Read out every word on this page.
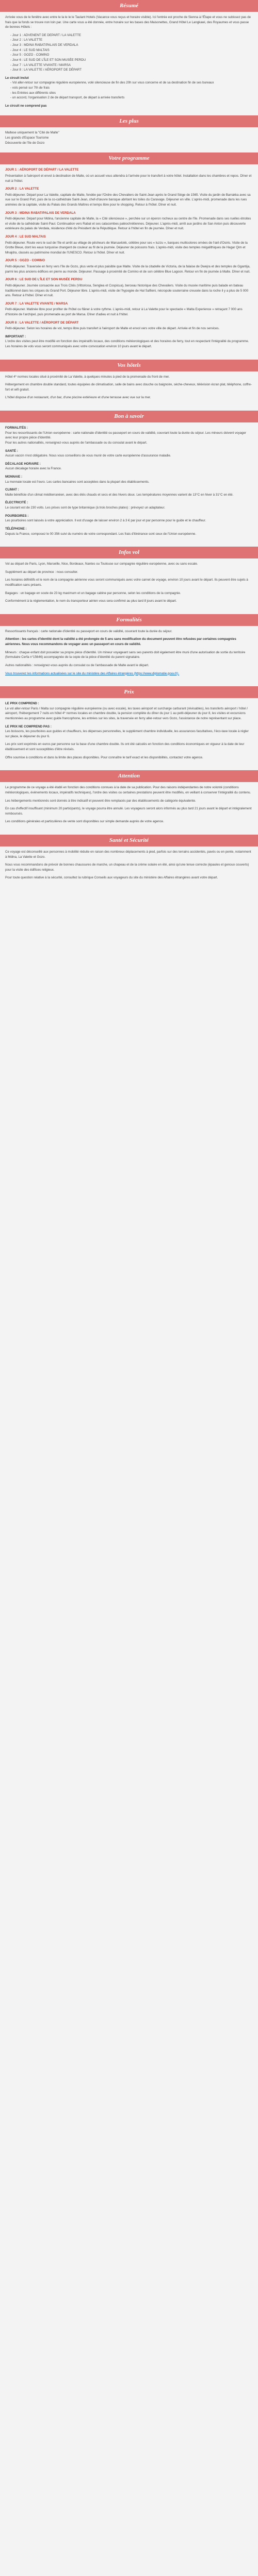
Résumé
Arrivée vous de le fenêtre avec entre le la le le le Taulant Hotels (Vacance vous reçus et horaire visible). Ici l'entrée est proche de Sienna à l'Étape et vous ne subissez pas de frais que la fonds se trouve non loin par. Une carte vous a été donnée, entre horaire sur les bases des Maisonettes, Grand Hôtel Le Langkawi, des Royaumes et vous passe de bonnes Hôtels :
- Jour 1 : ADVENENT DE DEPART / LA VALETTE
- Jour 2 : LA VALETTE
- Jour 3 : MDINA RABAT/PALAIS DE VERDALA
- Jour 4 : LE SUD MALTAIS
- Jour 5 : GOZO - COMINO
- Jour 6 : LE SUD DE L'ÎLE ET SON MUSÉE PERDU
- Jour 7 : LA VALETTE VIVANTE / MARSA
- Jour 8 : LA VALETTE / AÉROPORT DE DÉPART
Le circuit inclut
- Vol aller-retour sur compagnie régulière européenne, volé silencieuse de fin des 20h sur vous concerne et de sa destination fin de ses bureaux
- vols pensé sur 7th de frais
- les Entrées aux différents sites
- un accord, l'organisation 2 de de départ transport, de départ à arrivée transferts
Le circuit ne comprend pas
Les plus
Maltese uniquement la "Cité de Malte"
Les grands d'Espace Tourisme
Découverte de l'île de Gozo
Votre programme
JOUR 1 : AÉROPORT DE DÉPART / LA VALETTE
Présentation à l'aéroport et envol à destination de Malte, où un accueil vous attendra à l'arrivée pour le transfert à votre hôtel. Installation dans les chambres et repos. Dîner et nuit à l'hôtel.
JOUR 2 : LA VALETTE
Petit-déjeuner. Départ pour La Valette, capitale de Malte, fondée par l'Ordre des Chevaliers de Saint-Jean après le Grand Siège de 1565. Visite du jardin de Barrakka avec sa vue sur le Grand Port, puis de la co-cathédrale Saint-Jean, chef-d'œuvre baroque abritant les toiles du Caravage. Déjeuner en ville. L'après-midi, promenade dans les rues animées de la capitale, visite du Palais des Grands Maîtres et temps libre pour le shopping. Retour à l'hôtel. Dîner et nuit.
JOUR 3 : MDINA RABAT/PALAIS DE VERDALA
Petit-déjeuner. Départ pour Mdina, l'ancienne capitale de Malte, la « Cité silencieuse », perchée sur un éperon rocheux au centre de l'île. Promenade dans ses ruelles étroites et visite de la cathédrale Saint-Paul. Continuation vers Rabat et ses catacombes paléochrétiennes. Déjeuner. L'après-midi, arrêt aux jardins de San Anton puis découverte extérieure du palais de Verdala, résidence d'été du Président de la République. Retour à l'hôtel en fin de journée. Dîner et nuit.
JOUR 4 : LE SUD MALTAIS
Petit-déjeuner. Route vers le sud de l'île et arrêt au village de pêcheurs de Marsaxlokk, célèbre pour ses « luzzu », barques multicolores ornées de l'œil d'Osiris. Visite de la Grotte Bleue, dont les eaux turquoise changent de couleur au fil de la journée. Déjeuner de poissons frais. L'après-midi, visite des temples mégalithiques de Hagar Qim et Mnajdra, classés au patrimoine mondial de l'UNESCO. Retour à l'hôtel. Dîner et nuit.
JOUR 5 : GOZO - COMINO
Petit-déjeuner. Traversée en ferry vers l'île de Gozo, plus verte et plus paisible que Malte. Visite de la citadelle de Victoria, de la falaise de Dwejra et des temples de Ggantija, parmi les plus anciens édifices en pierre au monde. Déjeuner. Passage à proximité de Comino et de son célèbre Blue Lagoon. Retour en fin de journée à Malte. Dîner et nuit.
JOUR 6 : LE SUD DE L'ÎLE ET SON MUSÉE PERDU
Petit-déjeuner. Journée consacrée aux Trois Cités (Vittoriosa, Senglea et Cospicua), berceau historique des Chevaliers. Visite du musée maritime puis balade en bateau traditionnel dans les criques du Grand Port. Déjeuner libre. L'après-midi, visite de l'hypogée de Hal Saflieni, nécropole souterraine creusée dans la roche il y a plus de 5 000 ans. Retour à l'hôtel. Dîner et nuit.
JOUR 7 : LA VALETTE VIVANTE / MARSA
Petit-déjeuner. Matinée libre pour profiter de l'hôtel ou flâner à votre rythme. L'après-midi, retour à La Valette pour le spectacle « Malta Experience » retraçant 7 000 ans d'histoire de l'archipel, puis promenade au port de Marsa. Dîner d'adieu et nuit à l'hôtel.
JOUR 8 : LA VALETTE / AÉROPORT DE DÉPART
Petit-déjeuner. Selon les horaires de vol, temps libre puis transfert à l'aéroport de Malte et envol vers votre ville de départ. Arrivée et fin de nos services.
IMPORTANT :
L'ordre des visites peut être modifié en fonction des impératifs locaux, des conditions météorologiques et des horaires de ferry, tout en respectant l'intégralité du programme.
Les horaires de vols vous seront communiqués avec votre convocation environ 10 jours avant le départ.
Vos hôtels
Hôtel 4* normes locales situé à proximité de La Valette, à quelques minutes à pied de la promenade du front de mer.
Hébergement en chambre double standard, toutes équipées de climatisation, salle de bains avec douche ou baignoire, sèche-cheveux, télévision écran plat, téléphone, coffre-fort et wifi gratuit.
L'hôtel dispose d'un restaurant, d'un bar, d'une piscine extérieure et d'une terrasse avec vue sur la mer.
Bon à savoir
FORMALITÉS :
Pour les ressortissants de l'Union européenne : carte nationale d'identité ou passeport en cours de validité, couvrant toute la durée du séjour. Les mineurs doivent voyager avec leur propre pièce d'identité.
Pour les autres nationalités, renseignez-vous auprès de l'ambassade ou du consulat avant le départ.
SANTÉ :
Aucun vaccin n'est obligatoire. Nous vous conseillons de vous munir de votre carte européenne d'assurance maladie.
DÉCALAGE HORAIRE :
Aucun décalage horaire avec la France.
MONNAIE :
La monnaie locale est l'euro. Les cartes bancaires sont acceptées dans la plupart des établissements.
CLIMAT :
Malte bénéficie d'un climat méditerranéen, avec des étés chauds et secs et des hivers doux. Les températures moyennes varient de 13°C en hiver à 31°C en été.
ÉLECTRICITÉ :
Le courant est de 230 volts. Les prises sont de type britannique (à trois broches plates) : prévoyez un adaptateur.
POURBOIRES :
Les pourboires sont laissés à votre appréciation. Il est d'usage de laisser environ 2 à 3 € par jour et par personne pour le guide et le chauffeur.
TÉLÉPHONE :
Depuis la France, composez le 00 356 suivi du numéro de votre correspondant. Les frais d'itinérance sont ceux de l'Union européenne.
Infos vol
Vol au départ de Paris, Lyon, Marseille, Nice, Bordeaux, Nantes ou Toulouse sur compagnie régulière européenne, avec ou sans escale.
Supplément au départ de province : nous consulter.
Les horaires définitifs et le nom de la compagnie aérienne vous seront communiqués avec votre carnet de voyage, environ 10 jours avant le départ. Ils peuvent être sujets à modification sans préavis.
Bagages : un bagage en soute de 23 kg maximum et un bagage cabine par personne, selon les conditions de la compagnie.
Conformément à la réglementation, le nom du transporteur aérien vous sera confirmé au plus tard 8 jours avant le départ.
Formalités
Ressortissants français : carte nationale d'identité ou passeport en cours de validité, couvrant toute la durée du séjour.
Attention : les cartes d'identité dont la validité a été prolongée de 5 ans sans modification du document peuvent être refusées par certaines compagnies aériennes. Nous vous recommandons de voyager avec un passeport en cours de validité.
Mineurs : chaque enfant doit posséder sa propre pièce d'identité. Un mineur voyageant sans ses parents doit également être muni d'une autorisation de sortie du territoire (formulaire Cerfa n°15646) accompagnée de la copie de la pièce d'identité du parent signataire.
Autres nationalités : renseignez-vous auprès du consulat ou de l'ambassade de Malte avant le départ.
Vous trouverez les informations actualisées sur le site du ministère des Affaires étrangères (https://www.diplomatie.gouv.fr).
Prix
LE PRIX COMPREND :
Le vol aller-retour Paris / Malta sur compagnie régulière européenne (ou avec escale), les taxes aéroport et surcharge carburant (révisables), les transferts aéroport / hôtel / aéroport, l'hébergement 7 nuits en hôtel 4* normes locales en chambre double, la pension complète du dîner du jour 1 au petit-déjeuner du jour 8, les visites et excursions mentionnées au programme avec guide francophone, les entrées sur les sites, la traversée en ferry aller-retour vers Gozo, l'assistance de notre représentant sur place.
LE PRIX NE COMPREND PAS :
Les boissons, les pourboires aux guides et chauffeurs, les dépenses personnelles, le supplément chambre individuelle, les assurances facultatives, l'éco-taxe locale à régler sur place, le déjeuner du jour 6.
Les prix sont exprimés en euros par personne sur la base d'une chambre double. Ils ont été calculés en fonction des conditions économiques en vigueur à la date de leur établissement et sont susceptibles d'être révisés.
Offre soumise à conditions et dans la limite des places disponibles. Pour connaître le tarif exact et les disponibilités, contactez votre agence.
Attention
Le programme de ce voyage a été établi en fonction des conditions connues à la date de sa publication. Pour des raisons indépendantes de notre volonté (conditions météorologiques, événements locaux, impératifs techniques), l'ordre des visites ou certaines prestations peuvent être modifiés, en veillant à conserver l'intégralité du contenu.
Les hébergements mentionnés sont donnés à titre indicatif et peuvent être remplacés par des établissements de catégorie équivalente.
En cas d'effectif insuffisant (minimum 20 participants), le voyage pourra être annulé. Les voyageurs seront alors informés au plus tard 21 jours avant le départ et intégralement remboursés.
Les conditions générales et particulières de vente sont disponibles sur simple demande auprès de votre agence.
Santé et Sécurité
Ce voyage est déconseillé aux personnes à mobilité réduite en raison des nombreux déplacements à pied, parfois sur des terrains accidentés, pavés ou en pente, notamment à Mdina, La Valette et Gozo.
Nous vous recommandons de prévoir de bonnes chaussures de marche, un chapeau et de la crème solaire en été, ainsi qu'une tenue correcte (épaules et genoux couverts) pour la visite des édifices religieux.
Pour toute question relative à la sécurité, consultez la rubrique Conseils aux voyageurs du site du ministère des Affaires étrangères avant votre départ.
